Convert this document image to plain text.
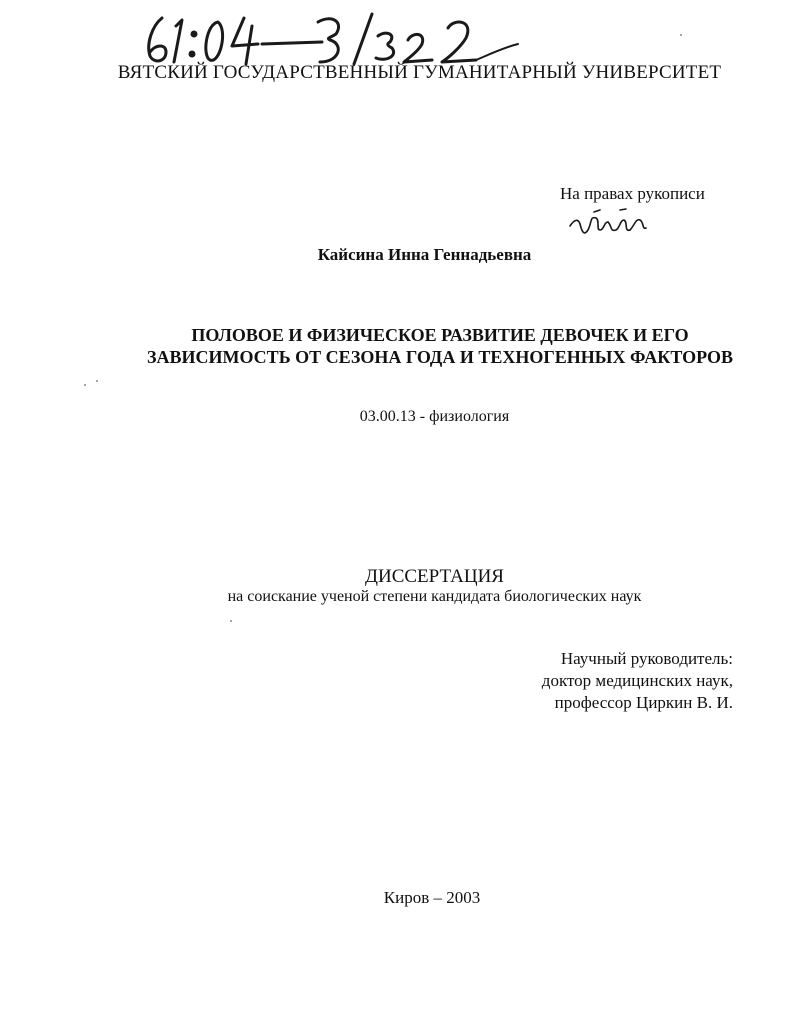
ВЯТСКИЙ ГОСУДАРСТВЕННЫЙ ГУМАНИТАРНЫЙ УНИВЕРСИТЕТ
На правах рукописи
Кайсина Инна Геннадьевна
ПОЛОВОЕ И ФИЗИЧЕСКОЕ РАЗВИТИЕ ДЕВОЧЕК И ЕГО
ЗАВИСИМОСТЬ ОТ СЕЗОНА ГОДА И ТЕХНОГЕННЫХ ФАКТОРОВ
03.00.13 - физиология
ДИССЕРТАЦИЯ
на соискание ученой степени кандидата биологических наук
Научный руководитель:
доктор медицинских наук,
профессор Циркин В. И.
Киров – 2003
